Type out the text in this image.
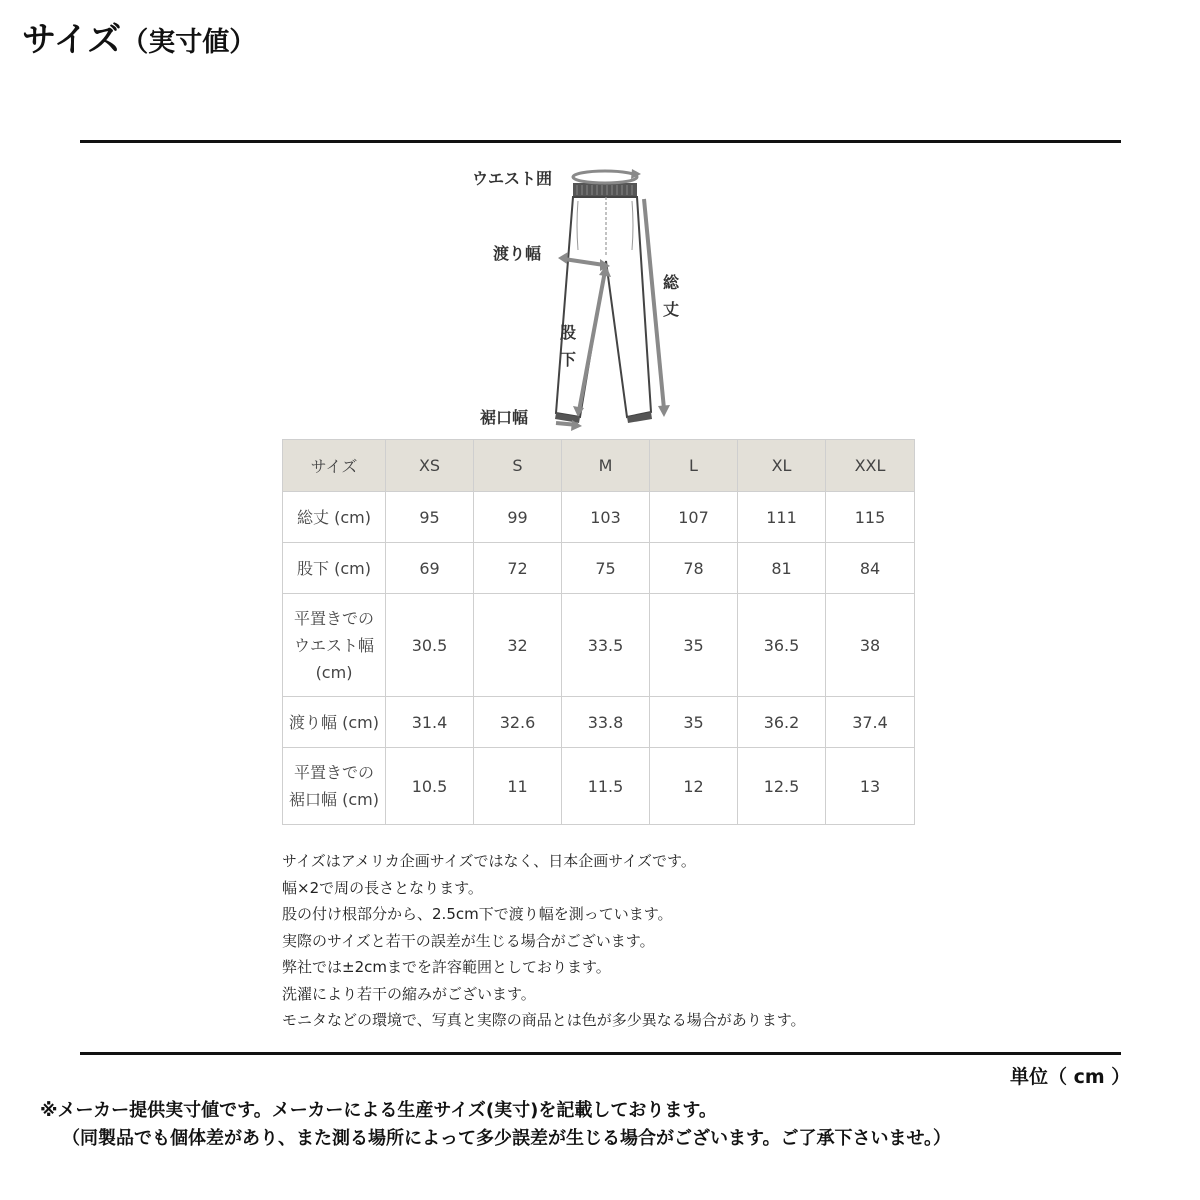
サイズ（実寸値）
ウエスト囲
渡り幅
股
下
総
丈
裾口幅
サイズ	XS	S	M	L	XL	XXL
総丈 (cm)	95	99	103	107	111	115
股下 (cm)	69	72	75	78	81	84

平置きでの
ウエスト幅
(cm)	30.5	32	33.5	35	36.5	38
渡り幅 (cm)	31.4	32.6	33.8	35	36.2	37.4

平置きでの
裾口幅 (cm)	10.5	11	11.5	12	12.5	13
サイズはアメリカ企画サイズではなく、日本企画サイズです。
幅×2で周の長さとなります。
股の付け根部分から、2.5cm下で渡り幅を測っています。
実際のサイズと若干の誤差が生じる場合がございます。
弊社では±2cmまでを許容範囲としております。
洗濯により若干の縮みがございます。
モニタなどの環境で、写真と実際の商品とは色が多少異なる場合があります。
単位（ cm ）
※メーカー提供実寸値です。メーカーによる生産サイズ(実寸)を記載しております。
（同製品でも個体差があり、また測る場所によって多少誤差が生じる場合がございます。ご了承下さいませ。）
